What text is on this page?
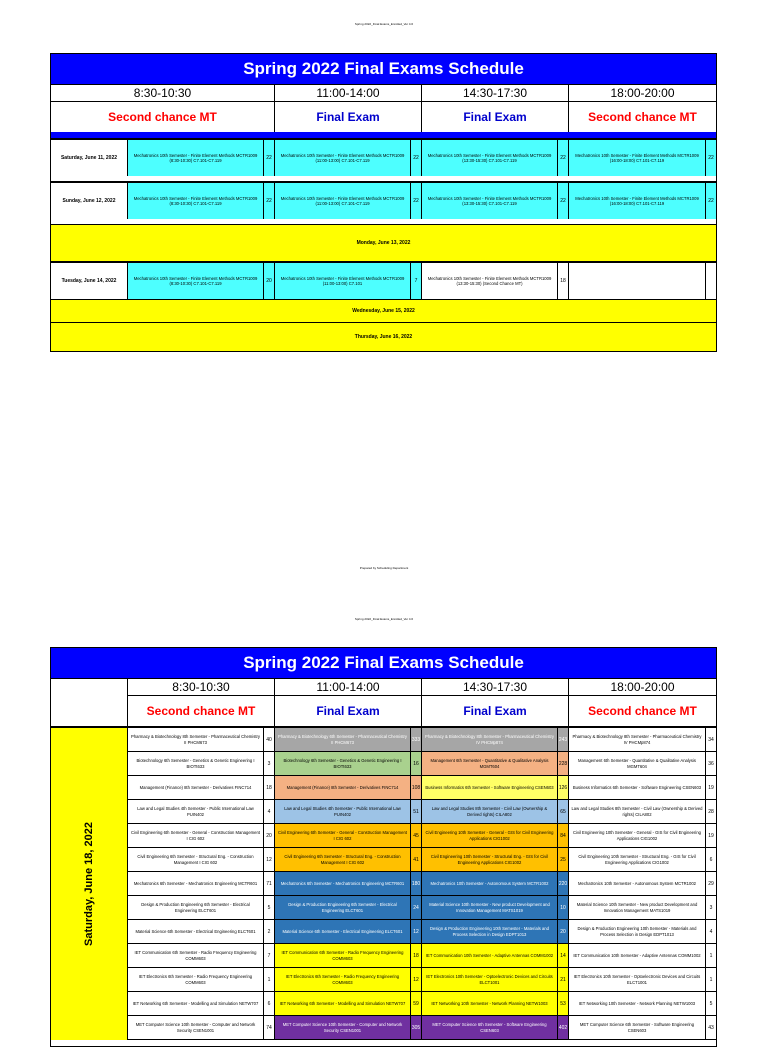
Spring 2022_Final Exams_Enrolled_Ver 4.6
Spring 2022 Final Exams Schedule
8:30-10:30	11:00-14:00	14:30-17:30	18:00-20:00
Second chance MT	Final Exam	Final Exam	Second chance MT
Saturday, June 11, 2022	Mechatronics 10th Semester - Finite Element Methods MCTR1009 (8:30-10:30) C7.101-C7.119	22	Mechatronics 10th Semester - Finite Element Methods MCTR1009 (11:00-13:00) C7.101-C7.119	22	Mechatronics 10th Semester - Finite Element Methods MCTR1009 (13:30-15:30) C7.101-C7.119	22	Mechatronics 10th Semester - Finite Element Methods MCTR1009 (16:00-18:00) C7.101-C7.119	22
Sunday, June 12, 2022	Mechatronics 10th Semester - Finite Element Methods MCTR1009 (8:30-10:30) C7.101-C7.119	22	Mechatronics 10th Semester - Finite Element Methods MCTR1009 (11:00-13:00) C7.101-C7.119	22	Mechatronics 10th Semester - Finite Element Methods MCTR1009 (13:30-15:30) C7.101-C7.119	22	Mechatronics 10th Semester - Finite Element Methods MCTR1009 (16:00-18:00) C7.101-C7.119	22
Monday, June 13, 2022
Tuesday, June 14, 2022	Mechatronics 10th Semester - Finite Element Methods MCTR1009 (8:30-10:30) C7.101-C7.119	20	Mechatronics 10th Semester - Finite Element Methods MCTR1009 (11:00-13:00) C7.101	7	Mechatronics 10th Semester - Finite Element Methods MCTR1009 (13:30-15:30) (Second Chance MT)	18
Wednesday, June 15, 2022
Thursday, June 16, 2022
Prepared by Scheduling Department
Spring 2022_Final Exams_Enrolled_Ver 4.6
Spring 2022 Final Exams Schedule
8:30-10:30	11:00-14:00	14:30-17:30	18:00-20:00
Second chance MT	Final Exam	Final Exam	Second chance MT
Saturday, June 18, 2022
Pharmacy & Biotechnology 8th Semester - Pharmaceutical Chemistry II PHCM673	40	Pharmacy & Biotechnology 6th Semester - Pharmaceutical Chemistry II PHCM673	333	Pharmacy & Biotechnology 8th Semester - Pharmaceutical Chemistry IV PHCMp874	243	Pharmacy & Biotechnology 8th Semester - Pharmaceutical Chemistry IV PHCMp874	34
Biotechnology 6th Semester - Genetics & Genetic Engineering I BIOTt633	3	Biotechnology 6th Semester - Genetics & Genetic Engineering I BIOTt633	16	Management 6th Semester - Quantitative & Qualitative Analysis MGMT604	228	Management 6th Semester - Quantitative & Qualitative Analysis MGMT604	36
Management (Finance) 8th Semester - Derivatives FINC714	18	Management (Finance) 8th Semester - Derivatives FINC714	108	Business Informatics 6th Semester - Software Engineering CSEN603	126	Business Informatics 6th Semester - Software Engineering CSEN603	19
Law and Legal Studies 4th Semester - Public International Law PUIN402	4	Law and Legal Studies 4th Semester - Public International Law PUIN402	51	Law and Legal Studies 8th Semester - Civil Law (Ownership & Derived rights) CILA802	65	Law and Legal Studies 8th Semester - Civil Law (Ownership & Derived rights) CILA802	28
Civil Engineering 6th Semester - General - Construction Management I CIG 602	20	Civil Engineering 6th Semester - General - Construction Management I CIG 602	45	Civil Engineering 10th Semester - General - GIS for Civil Engineering Applications CIG1002	84	Civil Engineering 10th Semester - General - GIS for Civil Engineering Applications CIG1002	19
Civil Engineering 6th Semester - Structural Eng. - Construction Management I CIG 602	12	Civil Engineering 6th Semester - Structural Eng. - Construction Management I CIG 602	41	Civil Engineering 10th Semester - Structural Eng. - GIS for Civil Engineering Applications CIG1002	25	Civil Engineering 10th Semester - Structural Eng. - GIS for Civil Engineering Applications CIG1002	6
Mechatronics 6th Semester - Mechatronics Engineering MCTR601	71	Mechatronics 6th Semester - Mechatronics Engineering MCTR601	180	Mechatronics 10th Semester - Autonomous System MCTR1002	220	Mechatronics 10th Semester - Autonomous System MCTR1002	29
Design & Production Engineering 6th Semester - Electrical Engineering ELCT601	5	Design & Production Engineering 6th Semester - Electrical Engineering ELCT601	24	Material Science 10th Semester - New product Development and Innovation Management MATS1019	10	Material Science 10th Semester - New product Development and Innovation Management MATS1019	3
Material Science 6th Semester - Electrical Engineering ELCT601	2	Material Science 6th Semester - Electrical Engineering ELCT601	12	Design & Production Engineering 10th Semester - Materials and Process Selection in Design EDPT1013	20	Design & Production Engineering 10th Semester - Materials and Process Selection in Design EDPT1013	4
IET Communication 6th Semester - Radio Frequency Engineering COMM603	7	IET Communication 6th Semester - Radio Frequency Engineering COMM603	18	IET Communication 10th Semester - Adaptive Antennas COMM1002	14	IET Communication 10th Semester - Adaptive Antennas COMM1002	1
IET Electronics 6th Semester - Radio Frequency Engineering COMM603	1	IET Electronics 6th Semester - Radio Frequency Engineering COMM603	12	IET Electronics 10th Semester - Optoelectronic Devices and Circuits ELCT1001	21	IET Electronics 10th Semester - Optoelectronic Devices and Circuits ELCT1001	1
IET Networking 6th Semester - Modelling and Simulation NETW707	6	IET Networking 6th Semester - Modelling and Simulation NETW707	59	IET Networking 10th Semester - Network Planning NETW1003	53	IET Networking 10th Semester - Network Planning NETW1003	5
MET Computer Science 10th Semester - Computer and Network Security CSEN1001	74	MET Computer Science 10th Semester - Computer and Network Security CSEN1001	305	MET Computer Science 6th Semester - Software Engineering CSEN603	402	MET Computer Science 6th Semester - Software Engineering CSEN603	43
